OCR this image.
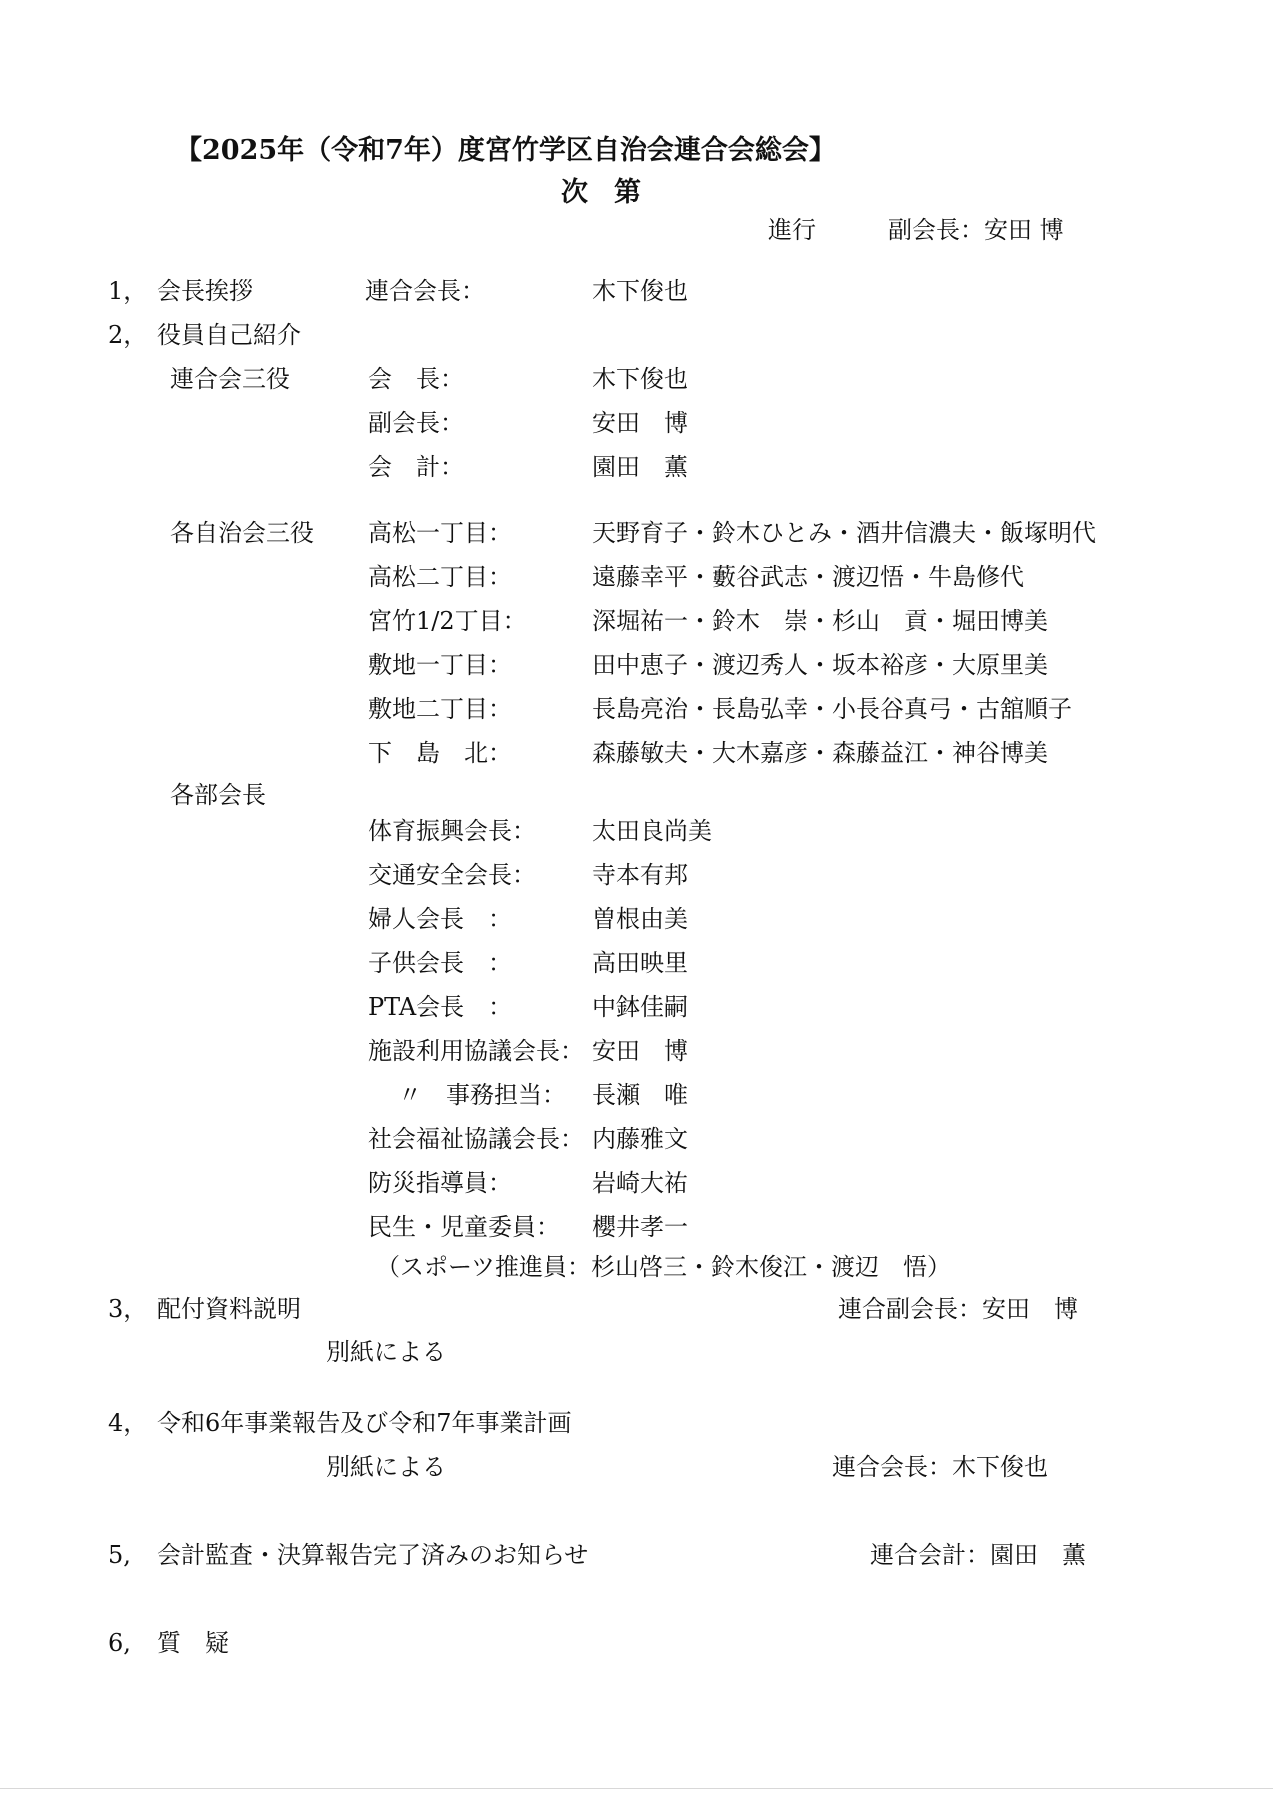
【2025年（令和7年）度宮竹学区自治会連合会総会】
次第
進行	副会長：安田 博
1， 会長挨拶	連合会長：	木下俊也
2， 役員自己紹介
連合会三役	会　長：	木下俊也
副会長：	安田　博
会　計：	園田　薫
各自治会三役 高松一丁目：	天野育子・鈴木ひとみ・酒井信濃夫・飯塚明代
高松二丁目：	遠藤幸平・藪谷武志・渡辺悟・牛島修代
宮竹1/2丁目：	深堀祐一・鈴木　崇・杉山　貢・堀田博美
敷地一丁目：	田中恵子・渡辺秀人・坂本裕彦・大原里美
敷地二丁目：	長島亮治・長島弘幸・小長谷真弓・古舘順子
下　島　北：	森藤敏夫・大木嘉彦・森藤益江・神谷博美
各部会長
体育振興会長： 太田良尚美
交通安全会長： 寺本有邦
婦人会長　：	曽根由美
子供会長　：	高田映里
PTA会長　：	中鉢佳嗣
施設利用協議会長： 安田　博
〃　事務担当： 長瀬　唯
社会福祉協議会長： 内藤雅文
防災指導員：	岩崎大祐
民生・児童委員： 櫻井孝一
（スポーツ推進員：杉山啓三・鈴木俊江・渡辺　悟）
3， 配付資料説明	連合副会長：安田　博
別紙による
4， 令和6年事業報告及び令和7年事業計画
別紙による	連合会長：木下俊也
5, 会計監査・決算報告完了済みのお知らせ	連合会計：園田　薫
6, 質　疑
